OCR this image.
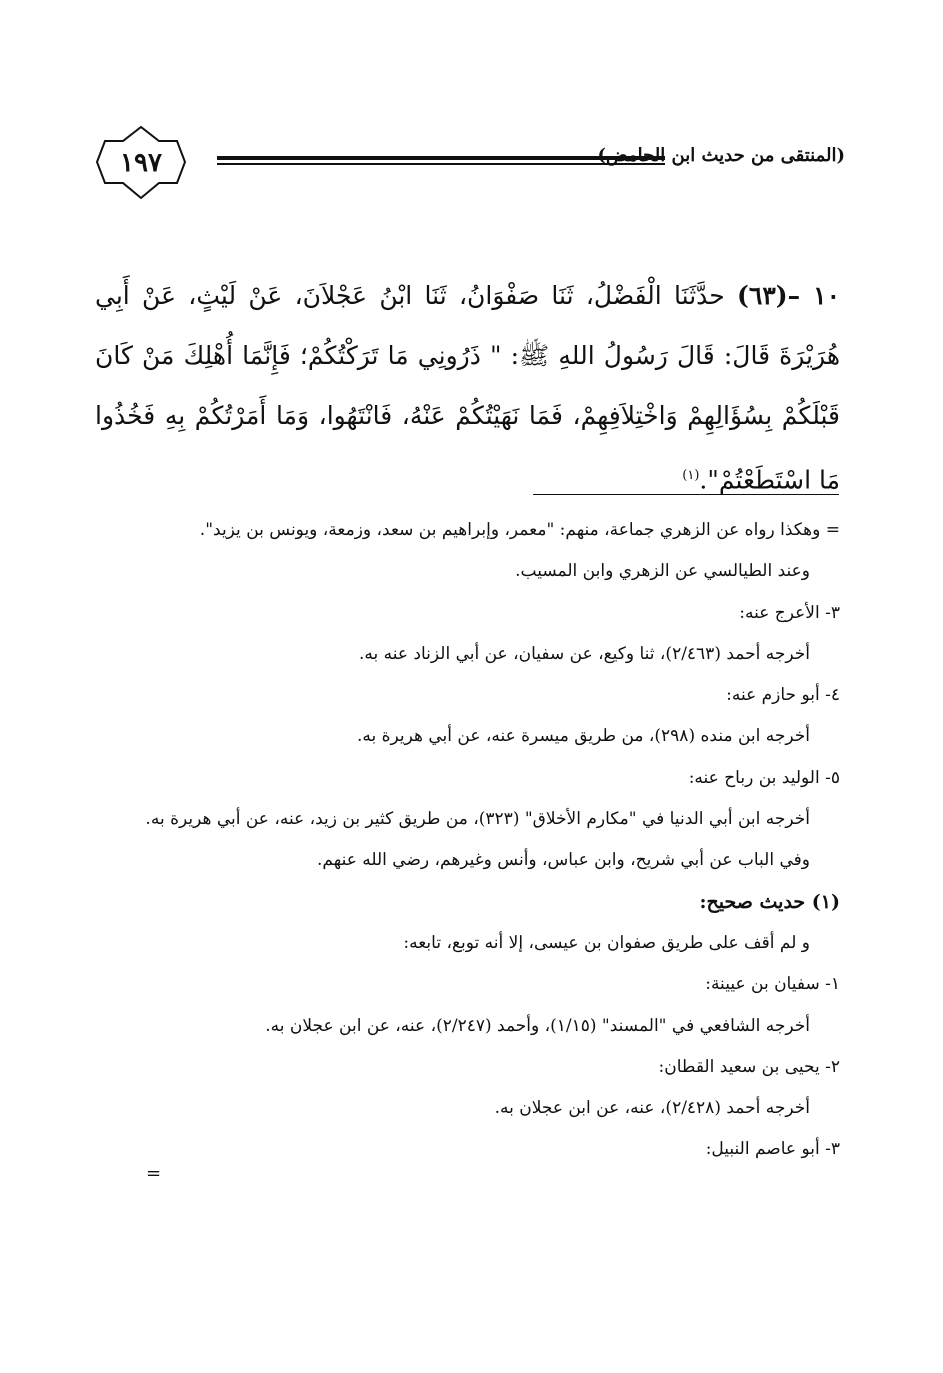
١٩٧	(المنتقى من حديث ابن الحامض)
١٠ –(٦٣) حدَّثَنَا الْفَضْلُ، ثَنَا صَفْوَانُ، ثَنَا ابْنُ عَجْلاَنَ، عَنْ لَيْثٍ، عَنْ أَبِي هُرَيْرَةَ قَالَ: قَالَ رَسُولُ اللهِ ﷺ: " ذَرُونِي مَا تَرَكْتُكُمْ؛ فَإِنَّمَا أُهْلِكَ مَنْ كَانَ قَبْلَكُمْ بِسُؤَالِهِمْ وَاخْتِلاَفِهِمْ، فَمَا نَهَيْتُكُمْ عَنْهُ، فَانْتَهُوا، وَمَا أَمَرْتُكُمْ بِهِ فَخُذُوا مَا اسْتَطَعْتُمْ".$^{(١)}$
= وهكذا رواه عن الزهري جماعة، منهم: "معمر، وإبراهيم بن سعد، وزمعة، ويونس بن يزيد".
وعند الطيالسي عن الزهري وابن المسيب.
٣- الأعرج عنه:
أخرجه أحمد (٢/٤٦٣)، ثنا وكيع، عن سفيان، عن أبي الزناد عنه به.
٤- أبو حازم عنه:
أخرجه ابن منده (٢٩٨)، من طريق ميسرة عنه، عن أبي هريرة به.
٥- الوليد بن رباح عنه:
أخرجه ابن أبي الدنيا في "مكارم الأخلاق" (٣٢٣)، من طريق كثير بن زيد، عنه، عن أبي هريرة به.
وفي الباب عن أبي شريح، وابن عباس، وأنس وغيرهم، رضي الله عنهم.
(١) حديث صحيح:
و لم أقف على طريق صفوان بن عيسى، إلا أنه توبع، تابعه:
١- سفيان بن عيينة:
أخرجه الشافعي في "المسند" (١/١٥)، وأحمد (٢/٢٤٧)، عنه، عن ابن عجلان به.
٢- يحيى بن سعيد القطان:
أخرجه أحمد (٢/٤٢٨)، عنه، عن ابن عجلان به.
٣- أبو عاصم النبيل:
=
